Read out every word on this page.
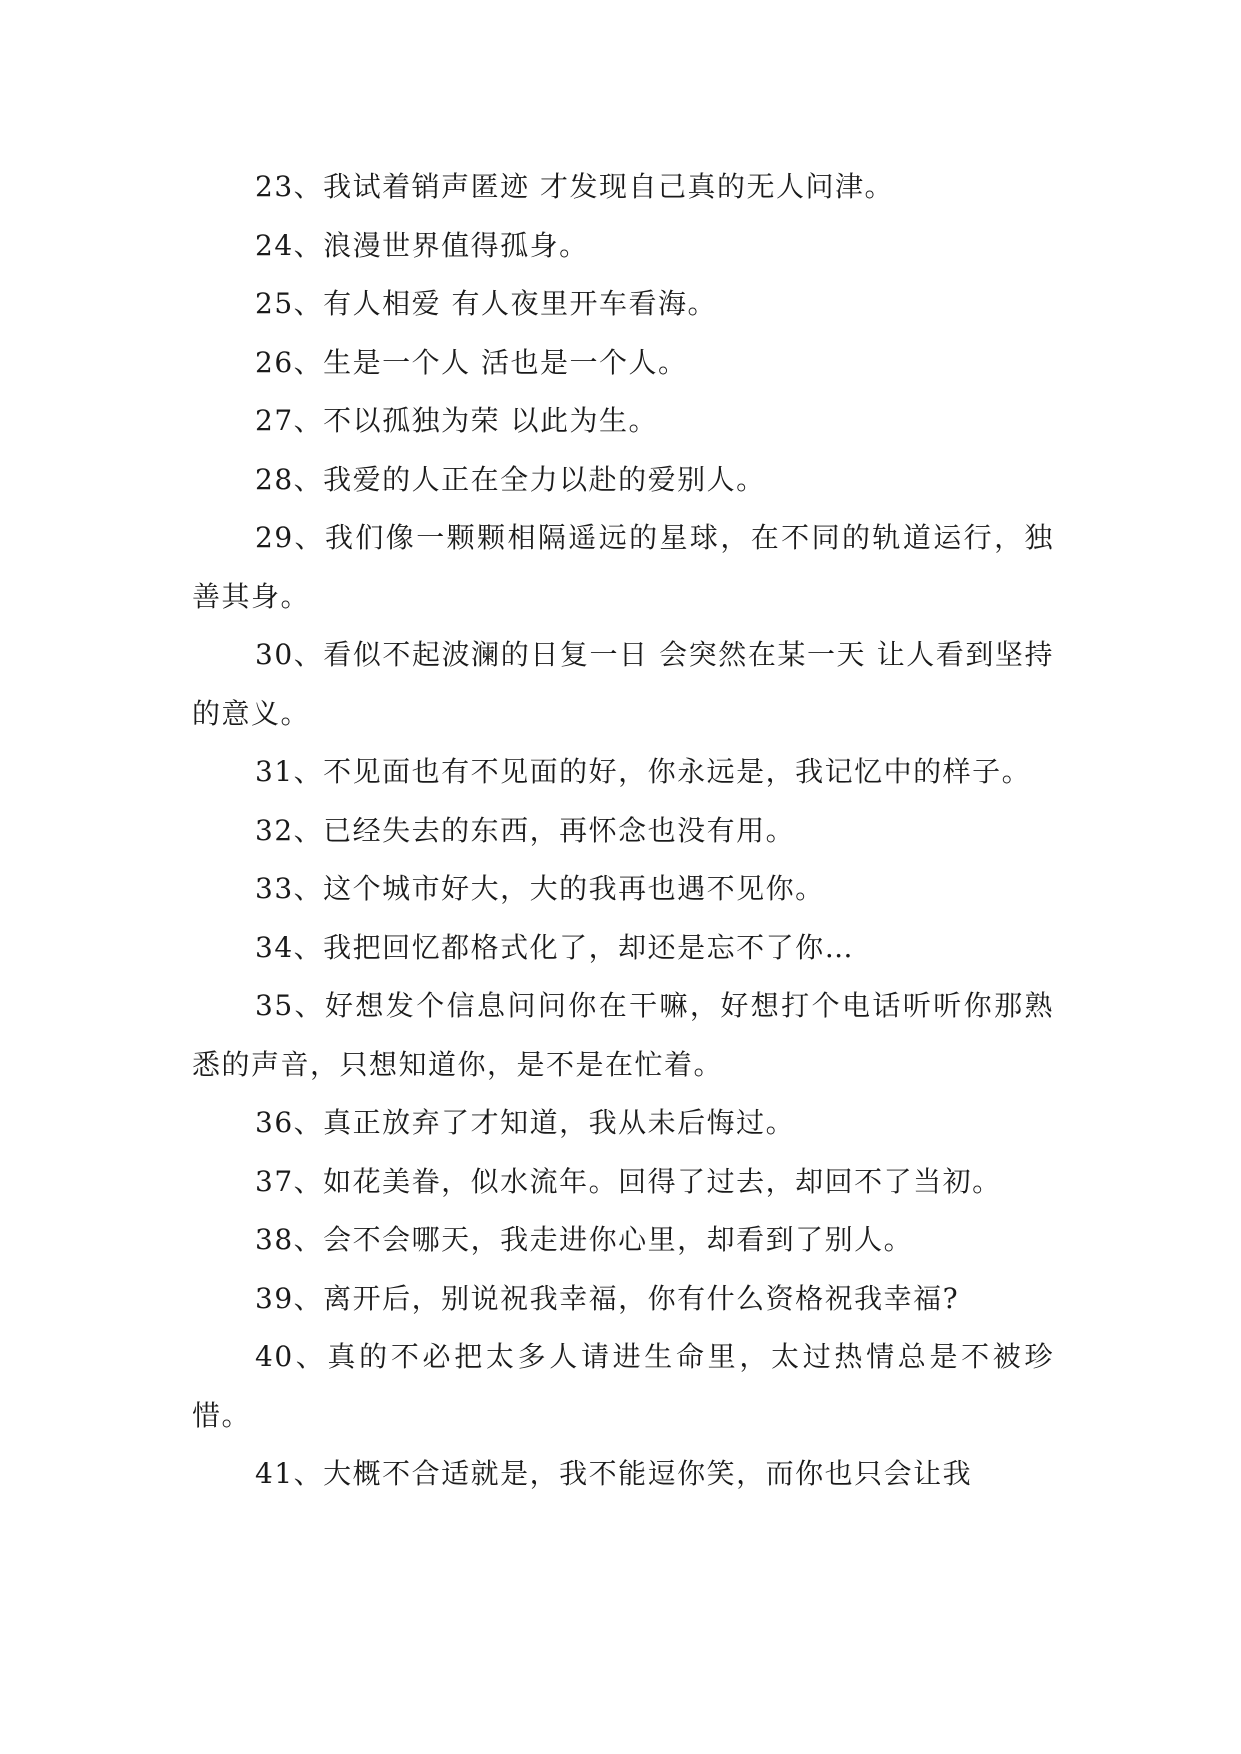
23、我试着销声匿迹 才发现自己真的无人问津。

24、浪漫世界值得孤身。

25、有人相爱 有人夜里开车看海。

26、生是一个人 活也是一个人。

27、不以孤独为荣 以此为生。

28、我爱的人正在全力以赴的爱别人。

29、我们像一颗颗相隔遥远的星球，在不同的轨道运行，独善其身。

30、看似不起波澜的日复一日 会突然在某一天 让人看到坚持的意义。

31、不见面也有不见面的好，你永远是，我记忆中的样子。

32、已经失去的东西，再怀念也没有用。

33、这个城市好大，大的我再也遇不见你。

34、我把回忆都格式化了，却还是忘不了你…

35、好想发个信息问问你在干嘛，好想打个电话听听你那熟悉的声音，只想知道你，是不是在忙着。

36、真正放弃了才知道，我从未后悔过。

37、如花美眷，似水流年。回得了过去，却回不了当初。

38、会不会哪天，我走进你心里，却看到了别人。

39、离开后，别说祝我幸福，你有什么资格祝我幸福?

40、真的不必把太多人请进生命里，太过热情总是不被珍惜。

41、大概不合适就是，我不能逗你笑，而你也只会让我
